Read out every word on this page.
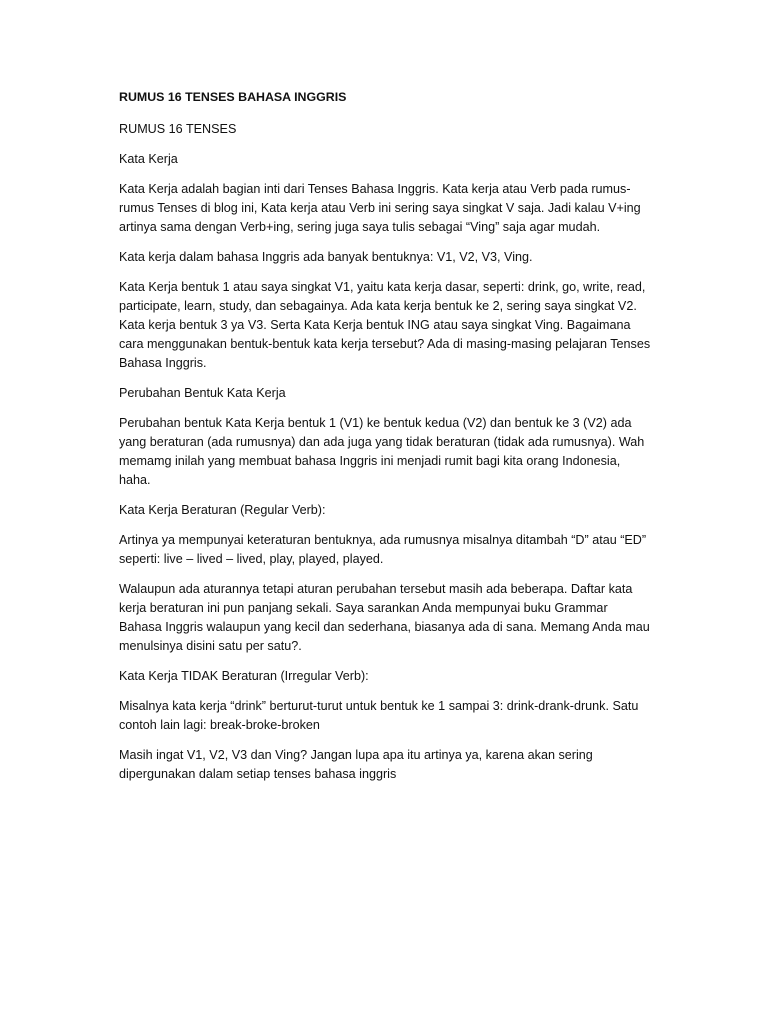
RUMUS 16 TENSES BAHASA INGGRIS
RUMUS 16 TENSES
Kata Kerja
Kata Kerja adalah bagian inti dari Tenses Bahasa Inggris. Kata kerja atau Verb pada rumus-rumus Tenses di blog ini, Kata kerja atau Verb ini sering saya singkat V saja. Jadi kalau V+ing artinya sama dengan Verb+ing, sering juga saya tulis sebagai “Ving” saja agar mudah.
Kata kerja dalam bahasa Inggris ada banyak bentuknya: V1, V2, V3, Ving.
Kata Kerja bentuk 1 atau saya singkat V1, yaitu kata kerja dasar, seperti: drink, go, write, read, participate, learn, study, dan sebagainya. Ada kata kerja bentuk ke 2, sering saya singkat V2. Kata kerja bentuk 3 ya V3. Serta Kata Kerja bentuk ING atau saya singkat Ving. Bagaimana cara menggunakan bentuk-bentuk kata kerja tersebut? Ada di masing-masing pelajaran Tenses Bahasa Inggris.
Perubahan Bentuk Kata Kerja
Perubahan bentuk Kata Kerja bentuk 1 (V1) ke bentuk kedua (V2) dan bentuk ke 3 (V2) ada yang beraturan (ada rumusnya) dan ada juga yang tidak beraturan (tidak ada rumusnya). Wah memamg inilah yang membuat bahasa Inggris ini menjadi rumit bagi kita orang Indonesia, haha.
Kata Kerja Beraturan (Regular Verb):
Artinya ya mempunyai keteraturan bentuknya, ada rumusnya misalnya ditambah “D” atau “ED” seperti: live – lived – lived, play, played, played.
Walaupun ada aturannya tetapi aturan perubahan tersebut masih ada beberapa. Daftar kata kerja beraturan ini pun panjang sekali. Saya sarankan Anda mempunyai buku Grammar Bahasa Inggris walaupun yang kecil dan sederhana, biasanya ada di sana. Memang Anda mau menulsinya disini satu per satu?.
Kata Kerja TIDAK Beraturan (Irregular Verb):
Misalnya kata kerja “drink” berturut-turut untuk bentuk ke 1 sampai 3: drink-drank-drunk. Satu contoh lain lagi: break-broke-broken
Masih ingat V1, V2, V3 dan Ving? Jangan lupa apa itu artinya ya, karena akan sering dipergunakan dalam setiap tenses bahasa inggris
